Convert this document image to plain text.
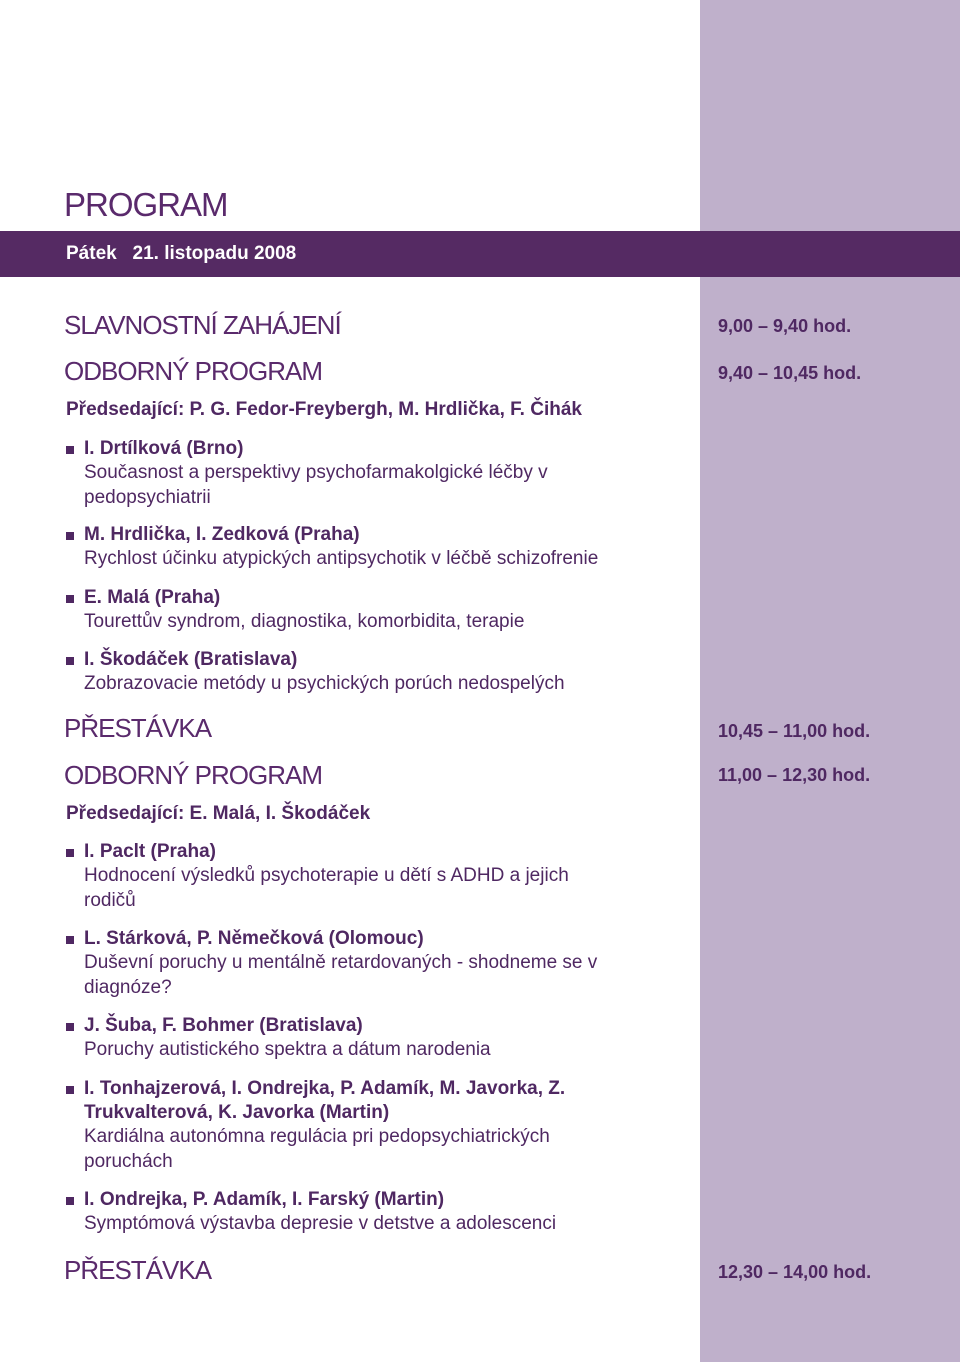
PROGRAM
Pátek   21. listopadu 2008
SLAVNOSTNÍ ZAHÁJENÍ	9,00 – 9,40 hod.
ODBORNÝ PROGRAM	9,40 – 10,45 hod.
Předsedající: P. G. Fedor-Freybergh, M. Hrdlička, F. Čihák
I. Drtílková (Brno)
Současnost a perspektivy psychofarmakolgické léčby v pedopsychiatrii
M. Hrdlička, I. Zedková (Praha)
Rychlost účinku atypických antipsychotik v léčbě schizofrenie
E. Malá (Praha)
Tourettův syndrom, diagnostika, komorbidita, terapie
I. Škodáček (Bratislava)
Zobrazovacie metódy u psychických porúch nedospelých
PŘESTÁVKA	10,45 – 11,00 hod.
ODBORNÝ PROGRAM	11,00 – 12,30 hod.
Předsedající: E. Malá, I. Škodáček
I. Paclt (Praha)
Hodnocení výsledků psychoterapie u dětí s ADHD a jejich rodičů
L. Stárková, P. Němečková (Olomouc)
Duševní poruchy u mentálně retardovaných - shodneme se v diagnóze?
J. Šuba, F. Bohmer (Bratislava)
Poruchy autistického spektra a dátum narodenia
I. Tonhajzerová, I. Ondrejka, P. Adamík, M. Javorka, Z. Trukvalterová, K. Javorka (Martin)
Kardiálna autonómna regulácia pri pedopsychiatrických poruchách
I. Ondrejka, P. Adamík, I. Farský (Martin)
Symptómová výstavba depresie v detstve a adolescenci
PŘESTÁVKA	12,30 – 14,00 hod.
